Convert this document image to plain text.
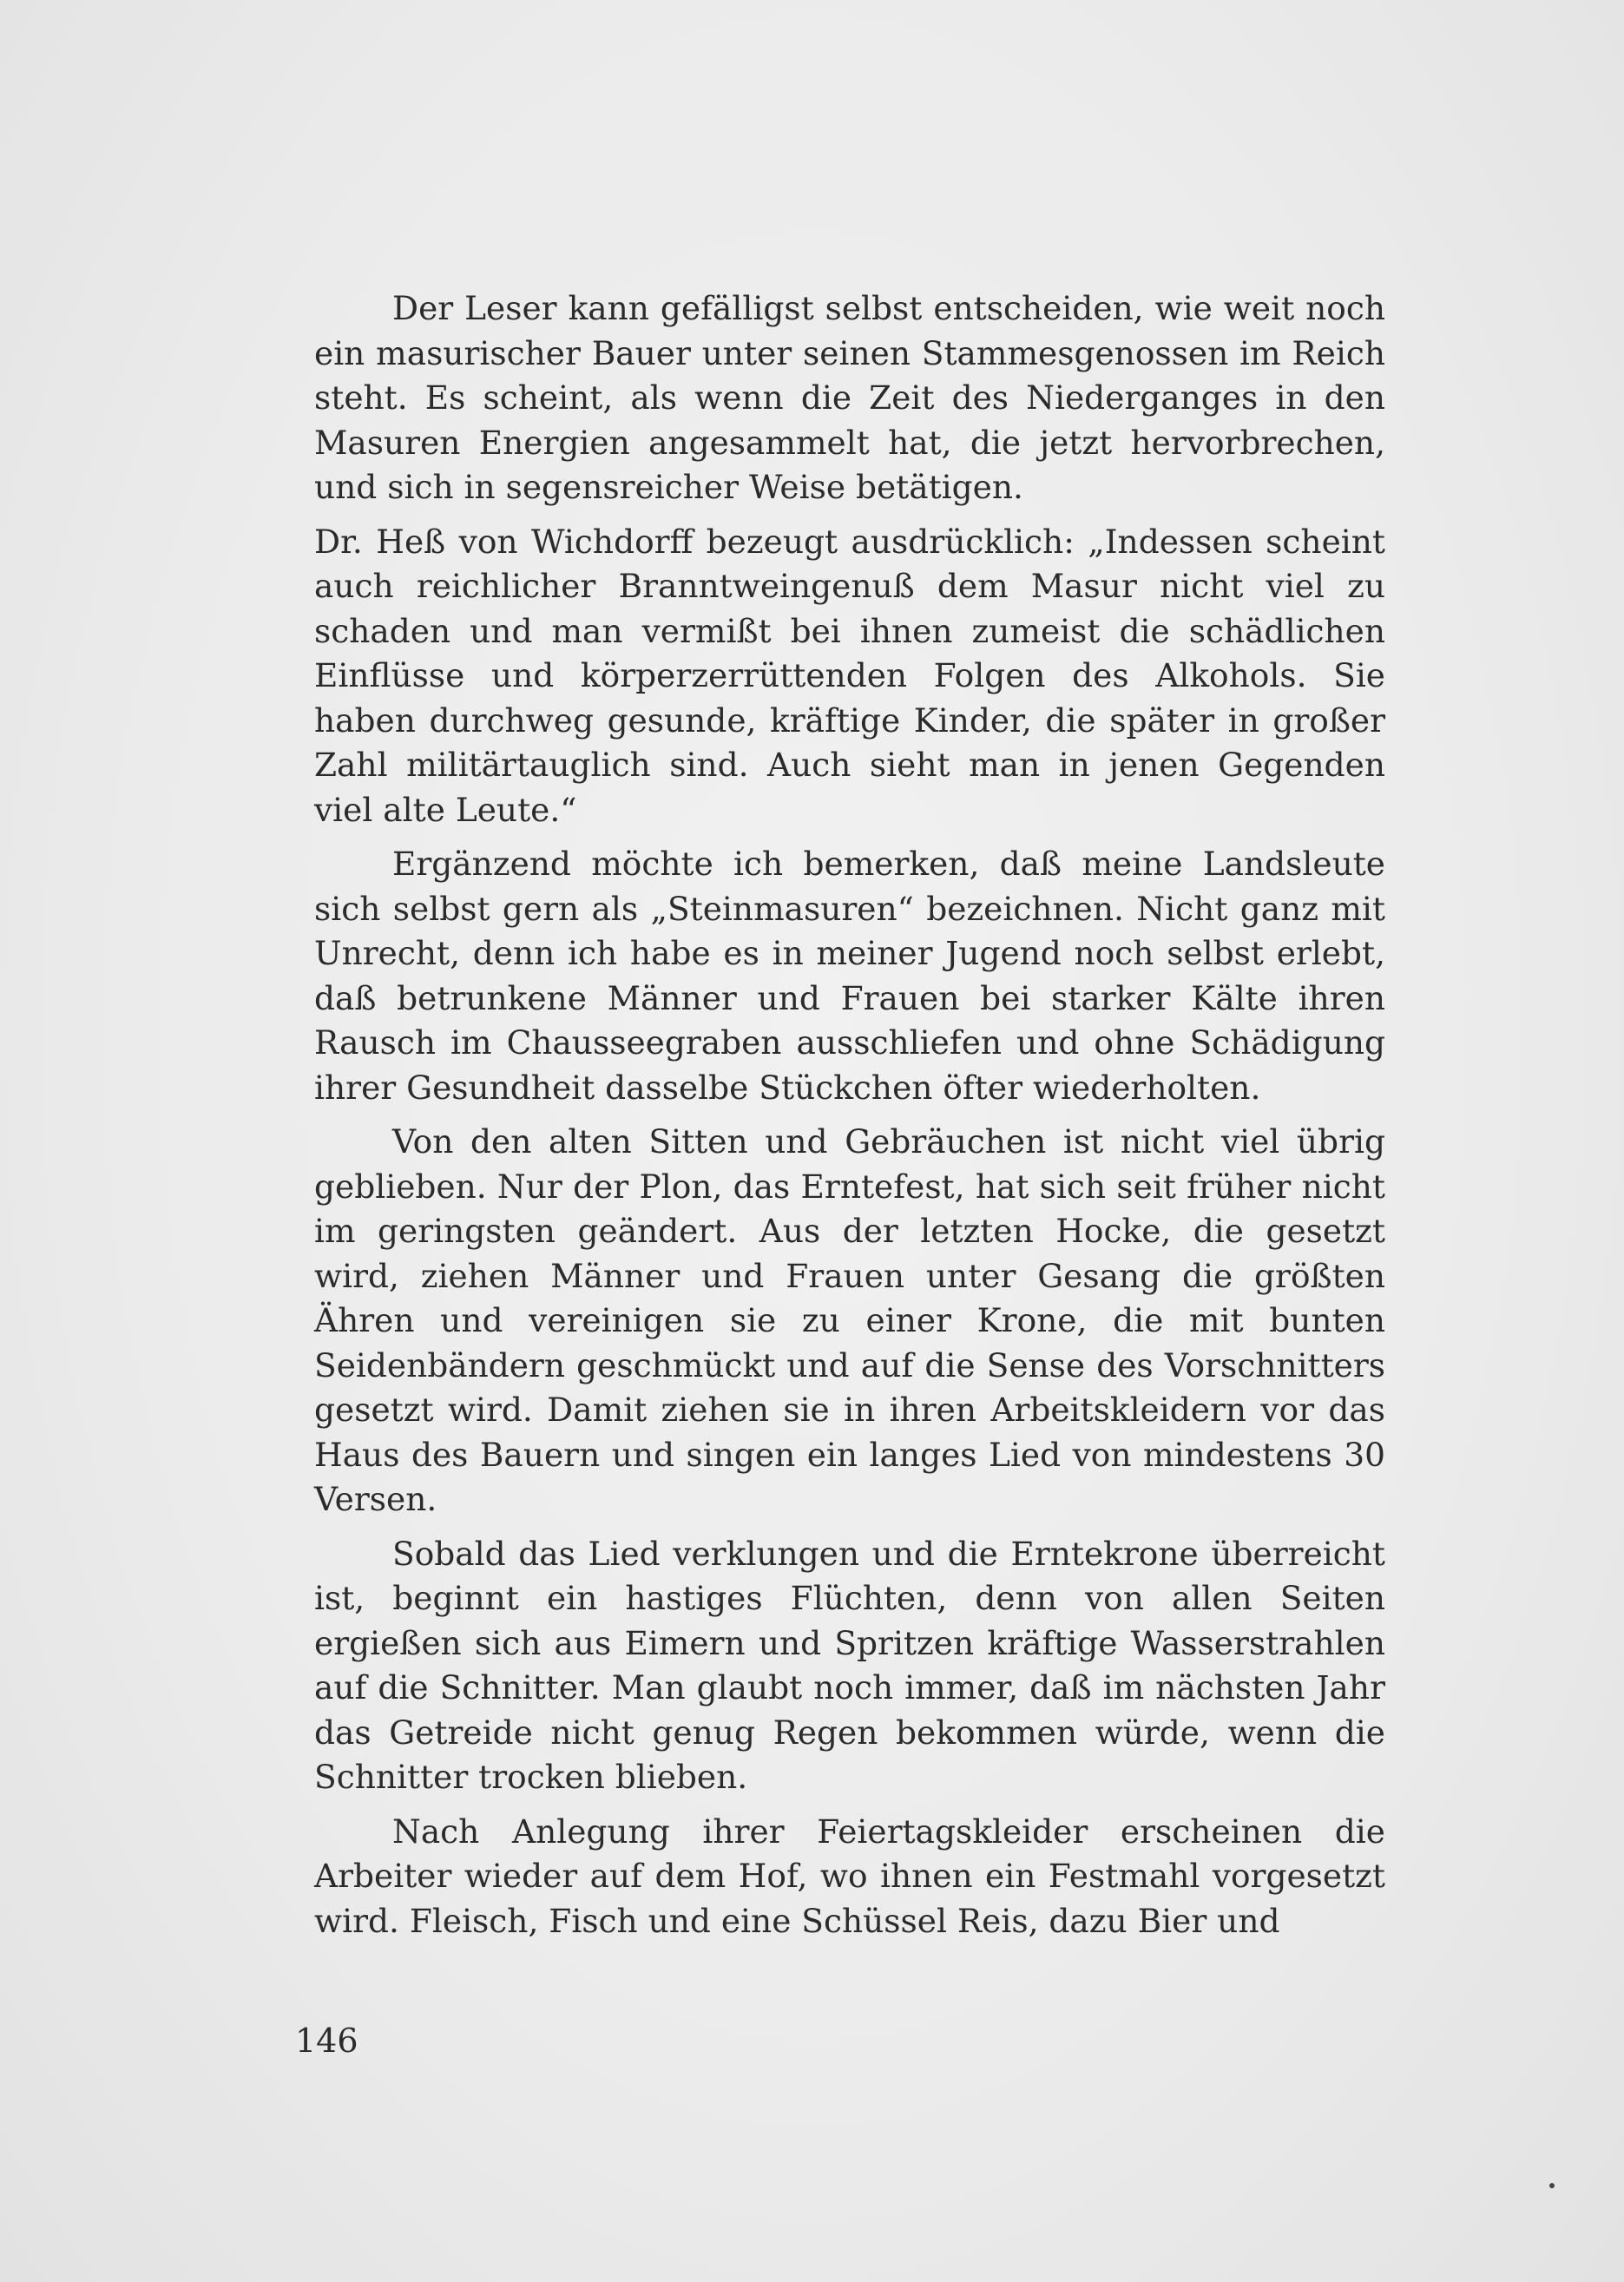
Der Leser kann gefälligst selbst entscheiden, wie weit noch ein masurischer Bauer unter seinen Stammesgenossen im Reich steht. Es scheint, als wenn die Zeit des Niederganges in den Masuren Energien angesammelt hat, die jetzt hervorbrechen, und sich in segensreicher Weise betätigen.

Dr. Heß von Wichdorff bezeugt ausdrücklich: „Indessen scheint auch reichlicher Branntweingenuß dem Masur nicht viel zu schaden und man vermißt bei ihnen zumeist die schädlichen Einflüsse und körperzerrüttenden Folgen des Alkohols. Sie haben durchweg gesunde, kräftige Kinder, die später in großer Zahl militärtauglich sind. Auch sieht man in jenen Gegenden viel alte Leute.“

Ergänzend möchte ich bemerken, daß meine Landsleute sich selbst gern als „Steinmasuren“ bezeichnen. Nicht ganz mit Unrecht, denn ich habe es in meiner Jugend noch selbst erlebt, daß betrunkene Männer und Frauen bei starker Kälte ihren Rausch im Chausseegraben ausschliefen und ohne Schädigung ihrer Gesundheit dasselbe Stückchen öfter wiederholten.

Von den alten Sitten und Gebräuchen ist nicht viel übrig geblieben. Nur der Plon, das Erntefest, hat sich seit früher nicht im geringsten geändert. Aus der letzten Hocke, die gesetzt wird, ziehen Männer und Frauen unter Gesang die größten Ähren und vereinigen sie zu einer Krone, die mit bunten Seidenbändern geschmückt und auf die Sense des Vorschnitters gesetzt wird. Damit ziehen sie in ihren Arbeitskleidern vor das Haus des Bauern und singen ein langes Lied von mindestens 30 Versen.

Sobald das Lied verklungen und die Erntekrone überreicht ist, beginnt ein hastiges Flüchten, denn von allen Seiten ergießen sich aus Eimern und Spritzen kräftige Wasserstrahlen auf die Schnitter. Man glaubt noch immer, daß im nächsten Jahr das Getreide nicht genug Regen bekommen würde, wenn die Schnitter trocken blieben.

Nach Anlegung ihrer Feiertagskleider erscheinen die Arbeiter wieder auf dem Hof, wo ihnen ein Festmahl vorgesetzt wird. Fleisch, Fisch und eine Schüssel Reis, dazu Bier und

146
